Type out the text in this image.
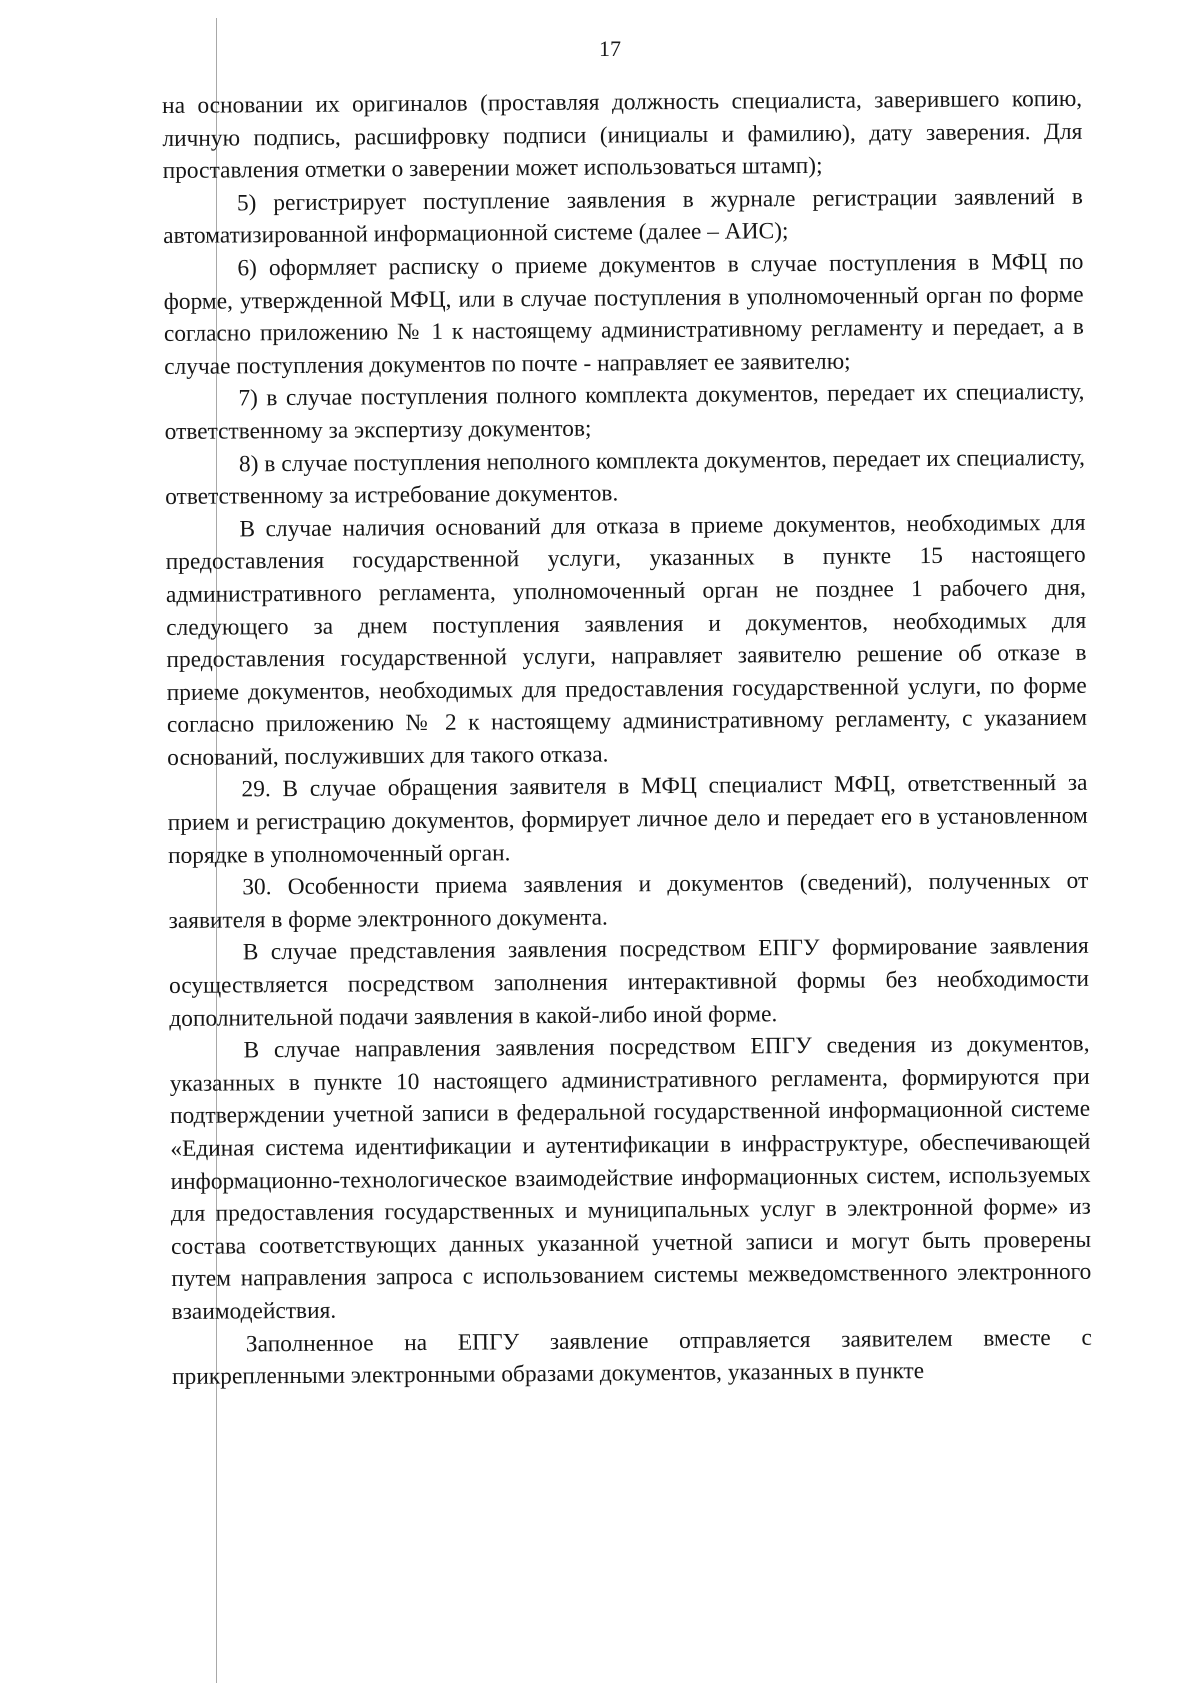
17

на основании их оригиналов (проставляя должность специалиста, заверившего копию, личную подпись, расшифровку подписи (инициалы и фамилию), дату заверения. Для проставления отметки о заверении может использоваться штамп);

5) регистрирует поступление заявления в журнале регистрации заявлений в автоматизированной информационной системе (далее – АИС);

6) оформляет расписку о приеме документов в случае поступления в МФЦ по форме, утвержденной МФЦ, или в случае поступления в уполномоченный орган по форме согласно приложению № 1 к настоящему административному регламенту и передает, а в случае поступления документов по почте - направляет ее заявителю;

7) в случае поступления полного комплекта документов, передает их специалисту, ответственному за экспертизу документов;

8) в случае поступления неполного комплекта документов, передает их специалисту, ответственному за истребование документов.

В случае наличия оснований для отказа в приеме документов, необходимых для предоставления государственной услуги, указанных в пункте 15 настоящего административного регламента, уполномоченный орган не позднее 1 рабочего дня, следующего за днем поступления заявления и документов, необходимых для предоставления государственной услуги, направляет заявителю решение об отказе в приеме документов, необходимых для предоставления государственной услуги, по форме согласно приложению № 2 к настоящему административному регламенту, с указанием оснований, послуживших для такого отказа.

29. В случае обращения заявителя в МФЦ специалист МФЦ, ответственный за прием и регистрацию документов, формирует личное дело и передает его в установленном порядке в уполномоченный орган.

30. Особенности приема заявления и документов (сведений), полученных от заявителя в форме электронного документа.

В случае представления заявления посредством ЕПГУ формирование заявления осуществляется посредством заполнения интерактивной формы без необходимости дополнительной подачи заявления в какой-либо иной форме.

В случае направления заявления посредством ЕПГУ сведения из документов, указанных в пункте 10 настоящего административного регламента, формируются при подтверждении учетной записи в федеральной государственной информационной системе «Единая система идентификации и аутентификации в инфраструктуре, обеспечивающей информационно-технологическое взаимодействие информационных систем, используемых для предоставления государственных и муниципальных услуг в электронной форме» из состава соответствующих данных указанной учетной записи и могут быть проверены путем направления запроса с использованием системы межведомственного электронного взаимодействия.

Заполненное на ЕПГУ заявление отправляется заявителем вместе с прикрепленными электронными образами документов, указанных в пункте
